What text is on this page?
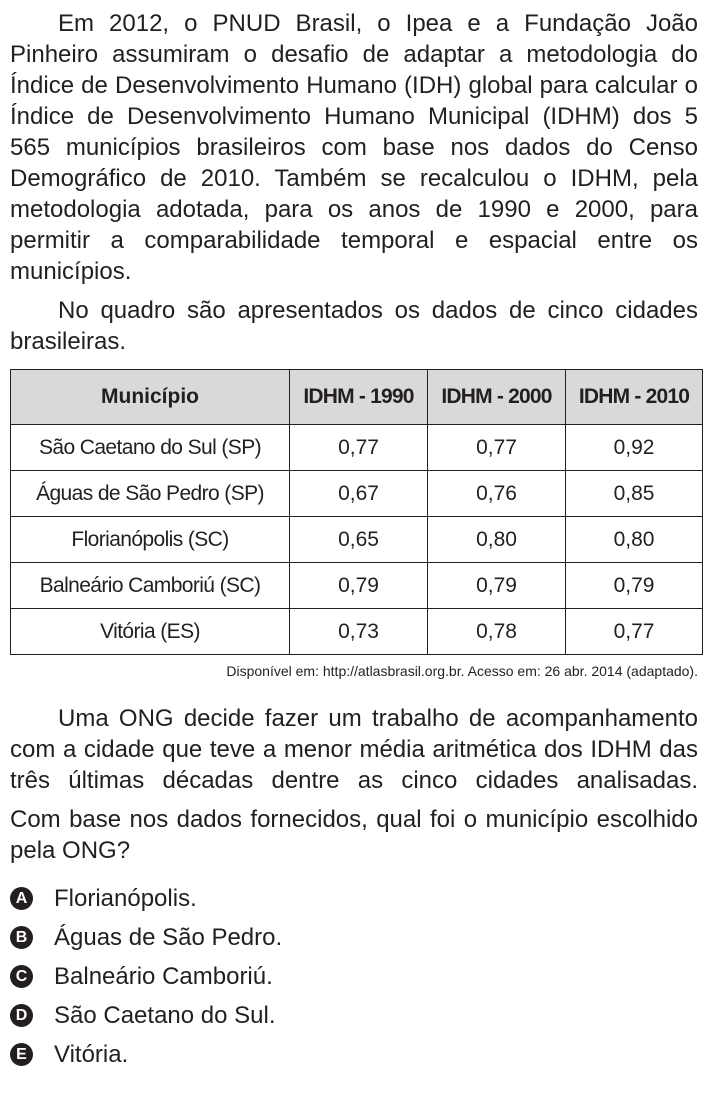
Em 2012, o PNUD Brasil, o Ipea e a Fundação João Pinheiro assumiram o desafio de adaptar a metodologia do Índice de Desenvolvimento Humano (IDH) global para calcular o Índice de Desenvolvimento Humano Municipal (IDHM) dos 5 565 municípios brasileiros com base nos dados do Censo Demográfico de 2010. Também se recalculou o IDHM, pela metodologia adotada, para os anos de 1990 e 2000, para permitir a comparabilidade temporal e espacial entre os municípios.

No quadro são apresentados os dados de cinco cidades brasileiras.

Município	IDHM - 1990	IDHM - 2000	IDHM - 2010
São Caetano do Sul (SP)	0,77	0,77	0,92
Águas de São Pedro (SP)	0,67	0,76	0,85
Florianópolis (SC)	0,65	0,80	0,80
Balneário Camboriú (SC)	0,79	0,79	0,79
Vitória (ES)	0,73	0,78	0,77
Disponível em: http://atlasbrasil.org.br. Acesso em: 26 abr. 2014 (adaptado).

Uma ONG decide fazer um trabalho de acompanhamento com a cidade que teve a menor média aritmética dos IDHM das três últimas décadas dentre as cinco cidades analisadas.

Com base nos dados fornecidos, qual foi o município escolhido pela ONG?

A Florianópolis.
B Águas de São Pedro.
C Balneário Camboriú.
D São Caetano do Sul.
E Vitória.
